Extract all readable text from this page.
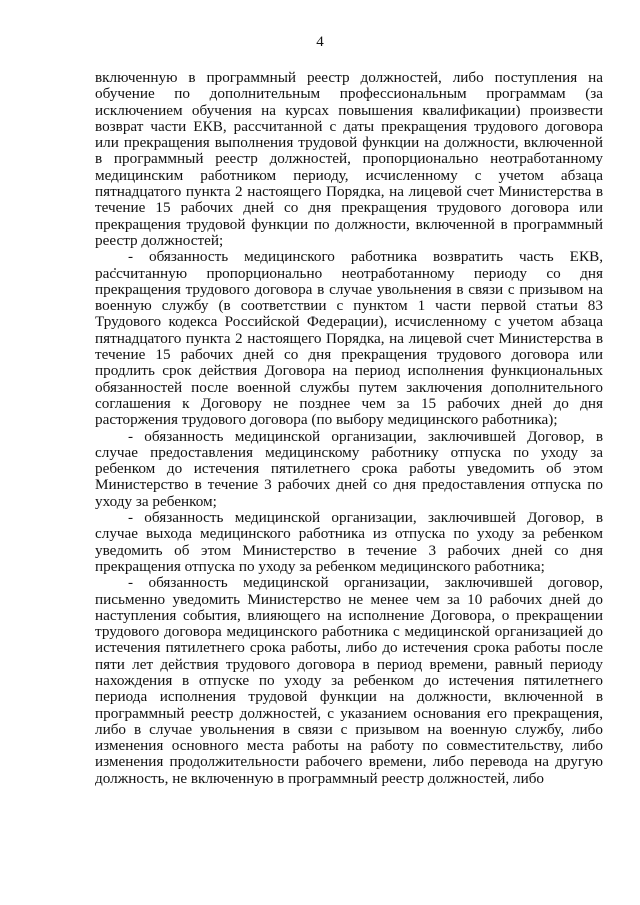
4

включенную в программный реестр должностей, либо поступления на обучение по дополнительным профессиональным программам (за исключением обучения на курсах повышения квалификации) произвести возврат части ЕКВ, рассчитанной с даты прекращения трудового договора или прекращения выполнения трудовой функции на должности, включенной в программный реестр должностей, пропорционально неотработанному медицинским работником периоду, исчисленному с учетом абзаца пятнадцатого пункта 2 настоящего Порядка, на лицевой счет Министерства в течение 15 рабочих дней со дня прекращения трудового договора или прекращения трудовой функции по должности, включенной в программный реестр должностей;

- обязанность медицинского работника возвратить часть ЕКВ, рассчитанную пропорционально неотработанному периоду со дня прекращения трудового договора в случае увольнения в связи с призывом на военную службу (в соответствии с пунктом 1 части первой статьи 83 Трудового кодекса Российской Федерации), исчисленному с учетом абзаца пятнадцатого пункта 2 настоящего Порядка, на лицевой счет Министерства в течение 15 рабочих дней со дня прекращения трудового договора или продлить срок действия Договора на период исполнения функциональных обязанностей после военной службы путем заключения дополнительного соглашения к Договору не позднее чем за 15 рабочих дней до дня расторжения трудового договора (по выбору медицинского работника);

- обязанность медицинской организации, заключившей Договор, в случае предоставления медицинскому работнику отпуска по уходу за ребенком до истечения пятилетнего срока работы уведомить об этом Министерство в течение 3 рабочих дней со дня предоставления отпуска по уходу за ребенком;

- обязанность медицинской организации, заключившей Договор, в случае выхода медицинского работника из отпуска по уходу за ребенком уведомить об этом Министерство в течение 3 рабочих дней со дня прекращения отпуска по уходу за ребенком медицинского работника;

- обязанность медицинской организации, заключившей договор, письменно уведомить Министерство не менее чем за 10 рабочих дней до наступления события, влияющего на исполнение Договора, о прекращении трудового договора медицинского работника с медицинской организацией до истечения пятилетнего срока работы, либо до истечения срока работы после пяти лет действия трудового договора в период времени, равный периоду нахождения в отпуске по уходу за ребенком до истечения пятилетнего периода исполнения трудовой функции на должности, включенной в программный реестр должностей, с указанием основания его прекращения, либо в случае увольнения в связи с призывом на военную службу, либо изменения основного места работы на работу по совместительству, либо изменения продолжительности рабочего времени, либо перевода на другую должность, не включенную в программный реестр должностей, либо
